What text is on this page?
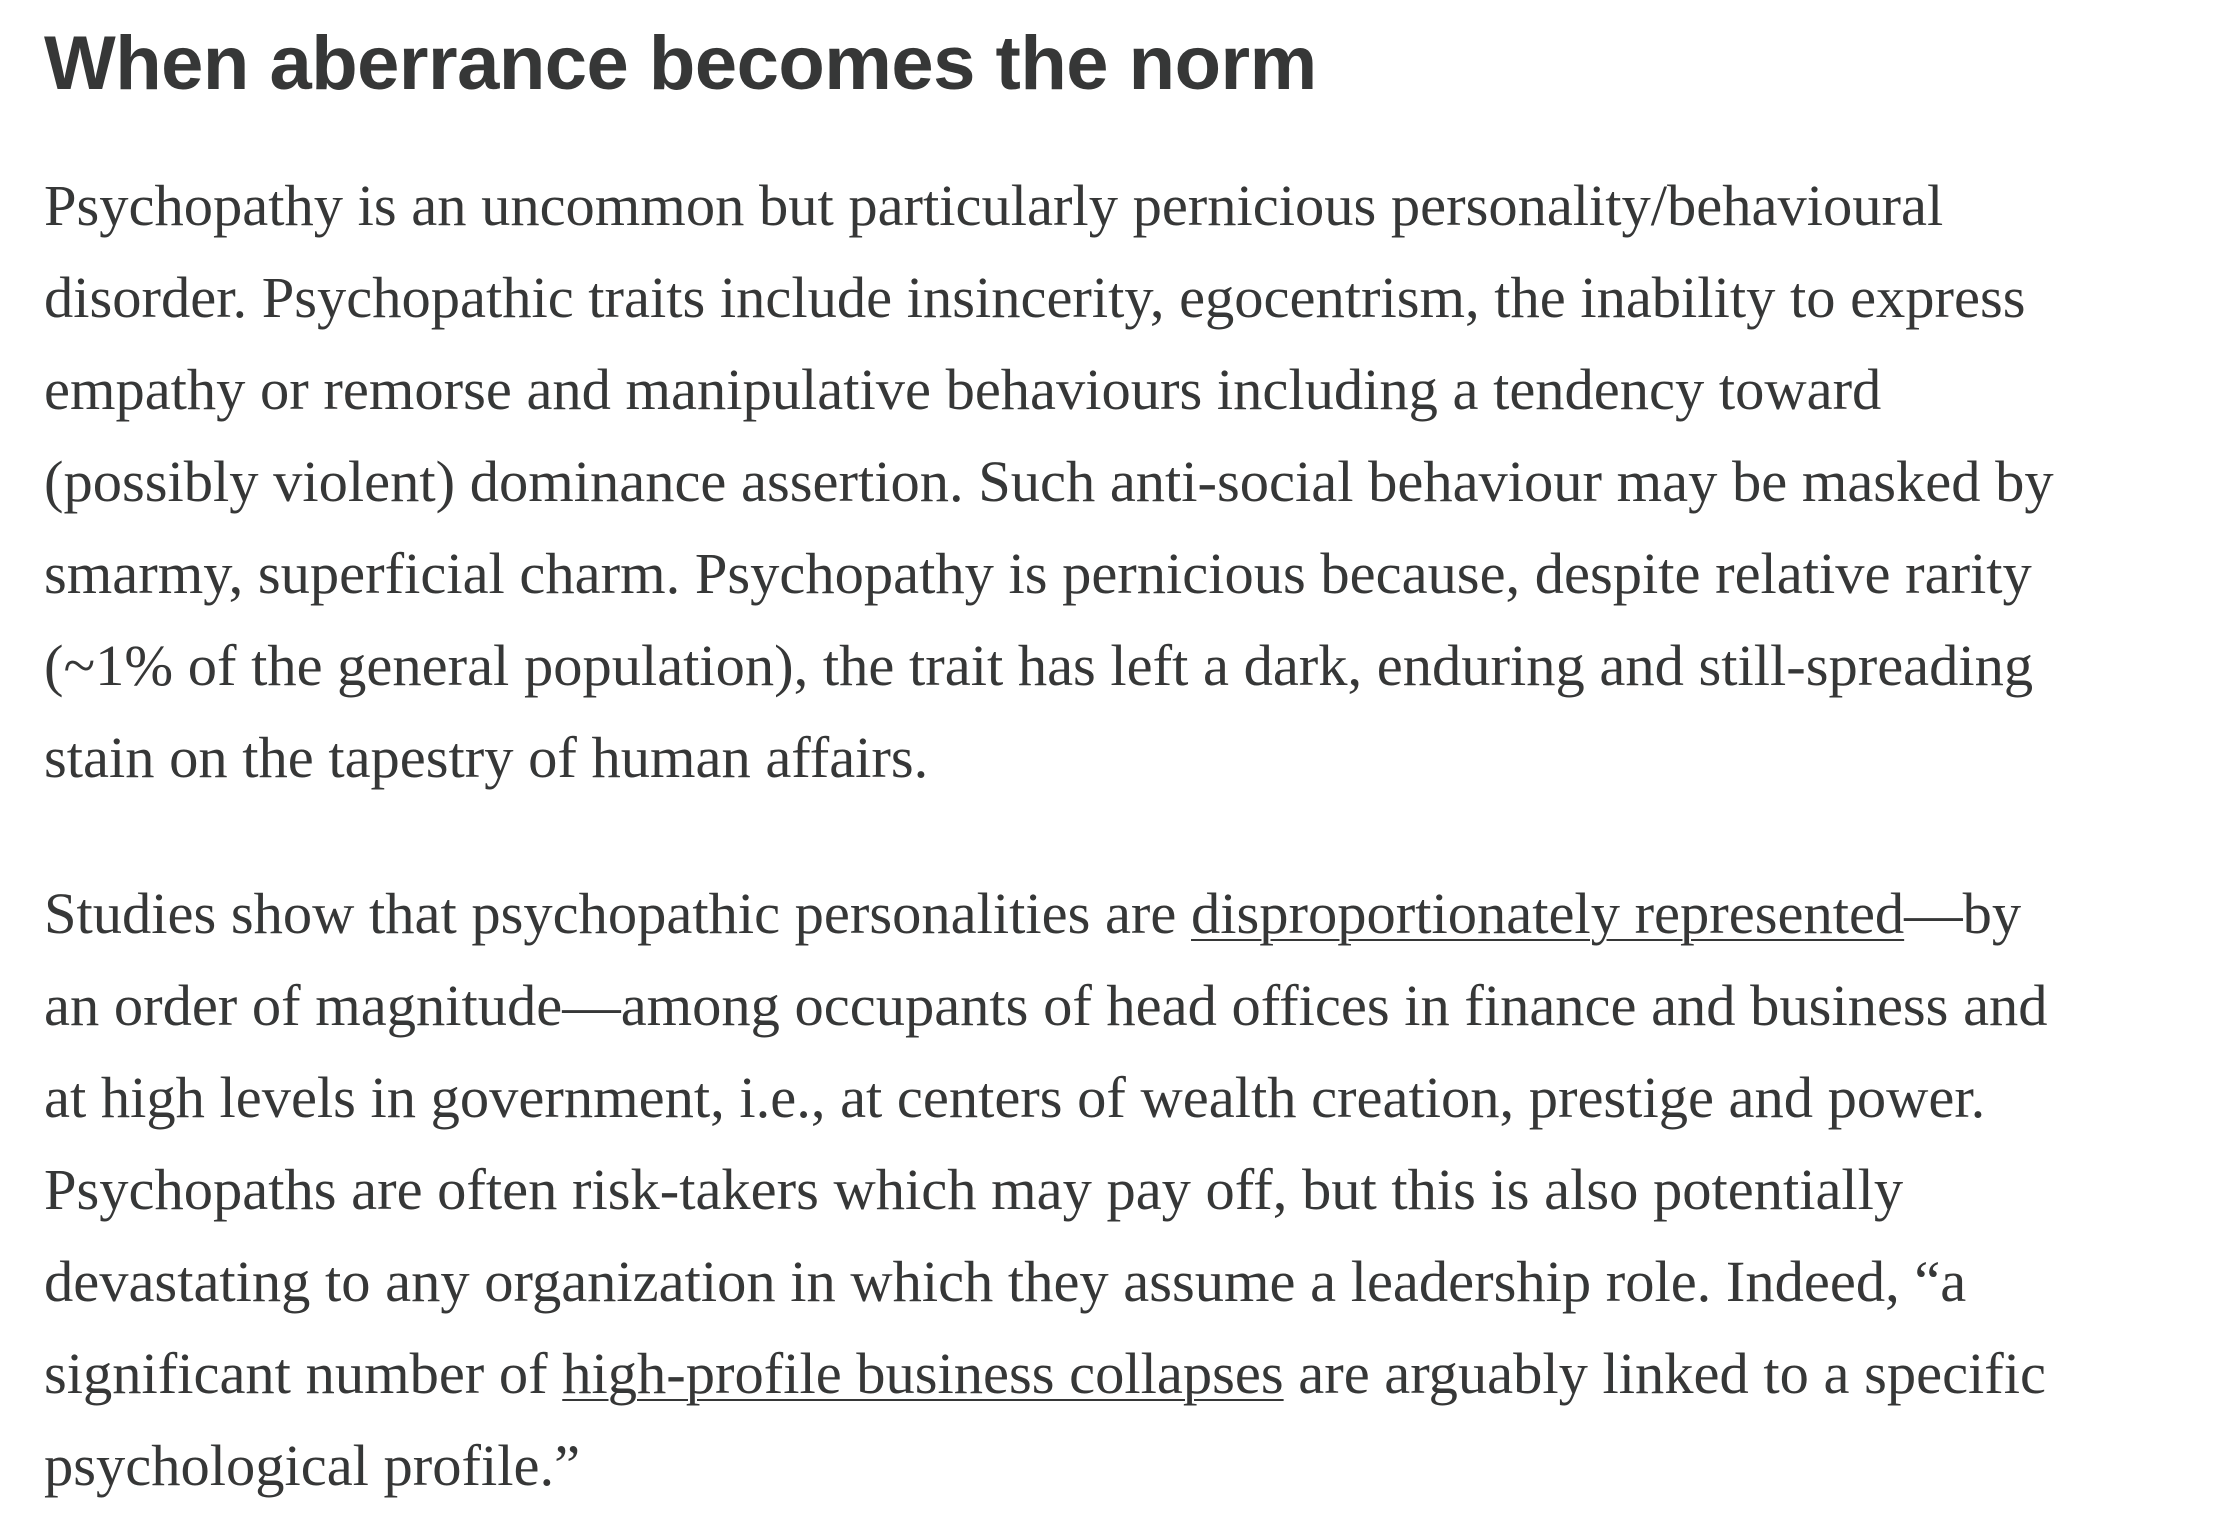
When aberrance becomes the norm

Psychopathy is an uncommon but particularly pernicious personality/behavioural
disorder. Psychopathic traits include insincerity, egocentrism, the inability to express
empathy or remorse and manipulative behaviours including a tendency toward
(possibly violent) dominance assertion. Such anti-social behaviour may be masked by
smarmy, superficial charm. Psychopathy is pernicious because, despite relative rarity
(~1% of the general population), the trait has left a dark, enduring and still-spreading
stain on the tapestry of human affairs.

Studies show that psychopathic personalities are disproportionately represented—by
an order of magnitude—among occupants of head offices in finance and business and
at high levels in government, i.e., at centers of wealth creation, prestige and power.
Psychopaths are often risk-takers which may pay off, but this is also potentially
devastating to any organization in which they assume a leadership role. Indeed, “a
significant number of high-profile business collapses are arguably linked to a specific
psychological profile.”
